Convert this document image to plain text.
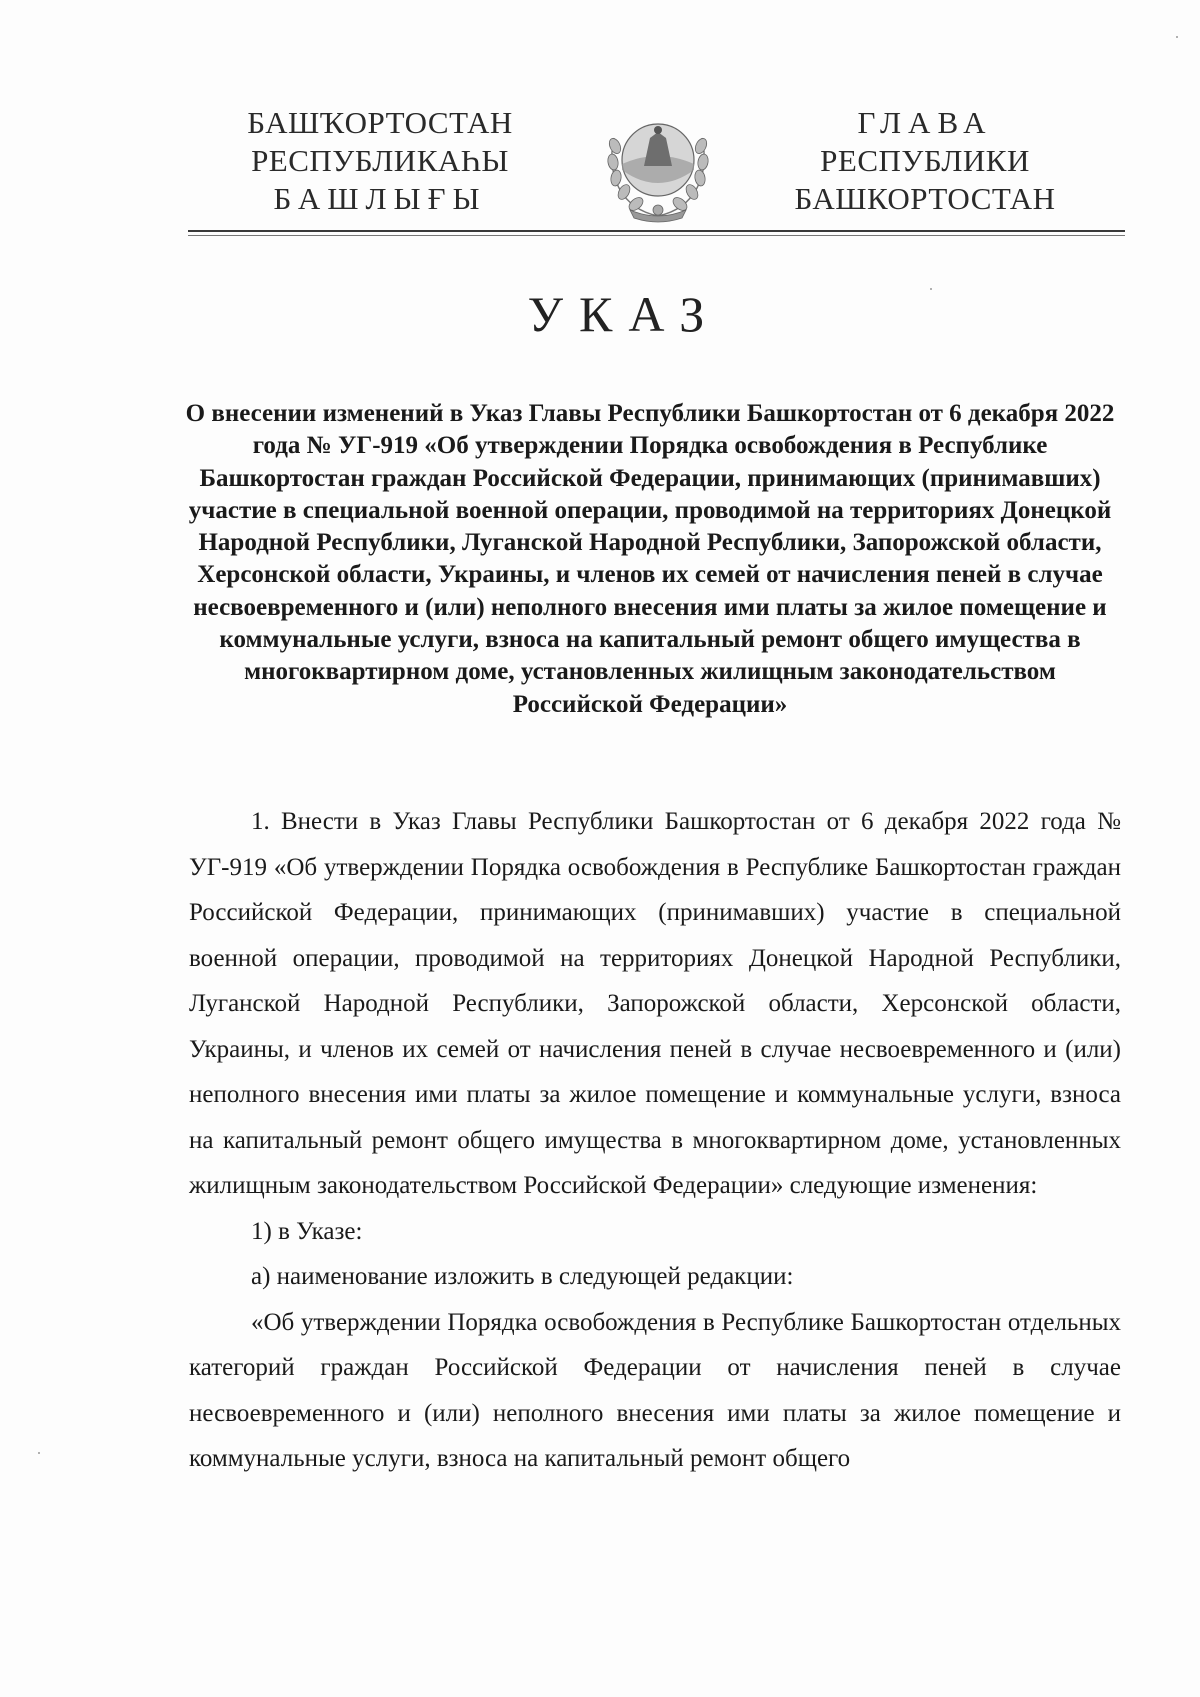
БАШҠОРТОСТАН
РЕСПУБЛИКАҺЫ
БАШЛЫҒЫ
ГЛАВА
РЕСПУБЛИКИ
БАШКОРТОСТАН
УКАЗ
О внесении изменений в Указ Главы Республики Башкортостан от 6 декабря 2022 года № УГ-919 «Об утверждении Порядка освобождения в Республике Башкортостан граждан Российской Федерации, принимающих (принимавших) участие в специальной военной операции, проводимой на территориях Донецкой Народной Республики, Луганской Народной Республики, Запорожской области, Херсонской области, Украины, и членов их семей от начисления пеней в случае несвоевременного и (или) неполного внесения ими платы за жилое помещение и коммунальные услуги, взноса на капитальный ремонт общего имущества в многоквартирном доме, установленных жилищным законодательством Российской Федерации»

1. Внести в Указ Главы Республики Башкортостан от 6 декабря 2022 года № УГ-919 «Об утверждении Порядка освобождения в Республике Башкортостан граждан Российской Федерации, принимающих (принимавших) участие в специальной военной операции, проводимой на территориях Донецкой Народной Республики, Луганской Народной Республики, Запорожской области, Херсонской области, Украины, и членов их семей от начисления пеней в случае несвоевременного и (или) неполного внесения ими платы за жилое помещение и коммунальные услуги, взноса на капитальный ремонт общего имущества в многоквартирном доме, установленных жилищным законодательством Российской Федерации» следующие изменения:

1) в Указе:

а) наименование изложить в следующей редакции:

«Об утверждении Порядка освобождения в Республике Башкортостан отдельных категорий граждан Российской Федерации от начисления пеней в случае несвоевременного и (или) неполного внесения ими платы за жилое помещение и коммунальные услуги, взноса на капитальный ремонт общего
